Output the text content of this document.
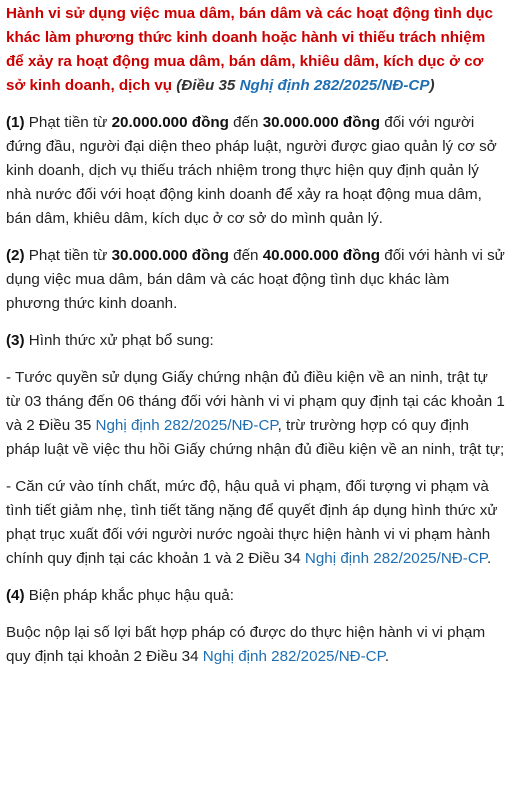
Hành vi sử dụng việc mua dâm, bán dâm và các hoạt động tình dục khác làm phương thức kinh doanh hoặc hành vi thiếu trách nhiệm để xảy ra hoạt động mua dâm, bán dâm, khiêu dâm, kích dục ở cơ sở kinh doanh, dịch vụ (Điều 35 Nghị định 282/2025/NĐ-CP)

(1) Phạt tiền từ 20.000.000 đồng đến 30.000.000 đồng đối với người đứng đầu, người đại diện theo pháp luật, người được giao quản lý cơ sở kinh doanh, dịch vụ thiếu trách nhiệm trong thực hiện quy định quản lý nhà nước đối với hoạt động kinh doanh để xảy ra hoạt động mua dâm, bán dâm, khiêu dâm, kích dục ở cơ sở do mình quản lý.

(2) Phạt tiền từ 30.000.000 đồng đến 40.000.000 đồng đối với hành vi sử dụng việc mua dâm, bán dâm và các hoạt động tình dục khác làm phương thức kinh doanh.

(3) Hình thức xử phạt bổ sung:

- Tước quyền sử dụng Giấy chứng nhận đủ điều kiện về an ninh, trật tự từ 03 tháng đến 06 tháng đối với hành vi vi phạm quy định tại các khoản 1 và 2 Điều 35 Nghị định 282/2025/NĐ-CP, trừ trường hợp có quy định pháp luật về việc thu hồi Giấy chứng nhận đủ điều kiện về an ninh, trật tự;

- Căn cứ vào tính chất, mức độ, hậu quả vi phạm, đối tượng vi phạm và tình tiết giảm nhẹ, tình tiết tăng nặng để quyết định áp dụng hình thức xử phạt trục xuất đối với người nước ngoài thực hiện hành vi vi phạm hành chính quy định tại các khoản 1 và 2 Điều 34 Nghị định 282/2025/NĐ-CP.

(4) Biện pháp khắc phục hậu quả:

Buộc nộp lại số lợi bất hợp pháp có được do thực hiện hành vi vi phạm quy định tại khoản 2 Điều 34 Nghị định 282/2025/NĐ-CP.
